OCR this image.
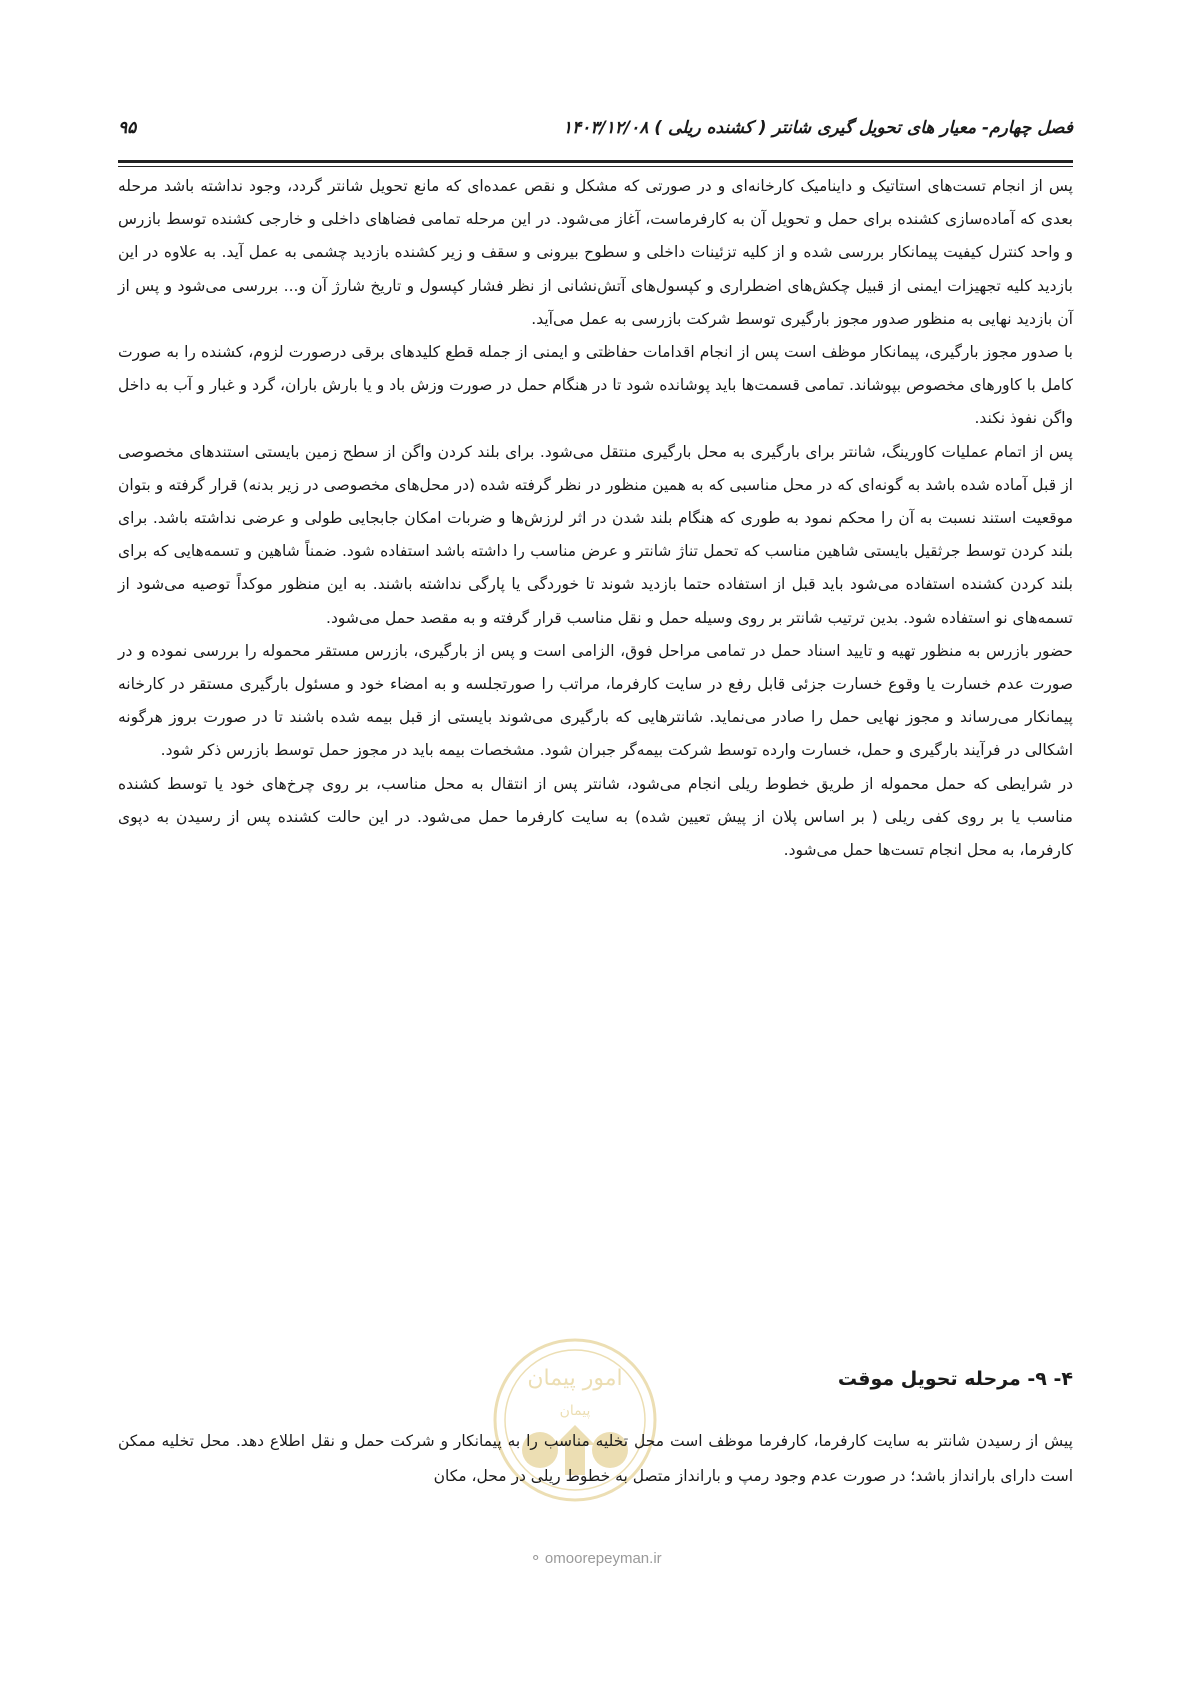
فصل چهارم- معیار های تحویل گیری شانتر ( کشنده ریلی ) ۱۴۰۳/۱۲/۰۸
۹۵

پس از انجام تست‌های استاتیک و داینامیک کارخانه‌ای و در صورتی که مشکل و نقص عمده‌ای که مانع تحویل شانتر گردد، وجود نداشته باشد مرحله بعدی که آماده‌سازی کشنده برای حمل و تحویل آن به کارفرماست، آغاز می‌شود. در این مرحله تمامی فضاهای داخلی و خارجی کشنده توسط بازرس و واحد کنترل کیفیت پیمانکار بررسی شده و از کلیه تزئینات داخلی و سطوح بیرونی و سقف و زیر کشنده بازدید چشمی به عمل آید. به علاوه در این بازدید کلیه تجهیزات ایمنی از قبیل چکش‌های اضطراری و کپسول‌های آتش‌نشانی از نظر فشار کپسول و تاریخ شارژ آن و... بررسی می‌شود و پس از آن بازدید نهایی به منظور صدور مجوز بارگیری توسط شرکت بازرسی به عمل می‌آید.

با صدور مجوز بارگیری، پیمانکار موظف است پس از انجام اقدامات حفاظتی و ایمنی از جمله قطع کلیدهای برقی درصورت لزوم، کشنده را به صورت کامل با کاورهای مخصوص بپوشاند. تمامی قسمت‌ها باید پوشانده شود تا در هنگام حمل در صورت وزش باد و یا بارش باران، گرد و غبار و آب به داخل واگن نفوذ نکند.

پس از اتمام عملیات کاورینگ، شانتر برای بارگیری به محل بارگیری منتقل می‌شود. برای بلند کردن واگن از سطح زمین بایستی استندهای مخصوصی از قبل آماده شده باشد به گونه‌ای که در محل مناسبی که به همین منظور در نظر گرفته شده (در محل‌های مخصوصی در زیر بدنه) قرار گرفته و بتوان موقعیت استند نسبت به آن را محکم نمود به طوری که هنگام بلند شدن در اثر لرزش‌ها و ضربات امکان جابجایی طولی و عرضی نداشته باشد. برای بلند کردن توسط جرثقیل بایستی شاهین مناسب که تحمل تناژ شانتر و عرض مناسب را داشته باشد استفاده شود. ضمناً شاهین و تسمه‌هایی که برای بلند کردن کشنده استفاده می‌شود باید قبل از استفاده حتما بازدید شوند تا خوردگی یا پارگی نداشته باشند. به این منظور موکداً توصیه می‌شود از تسمه‌های نو استفاده شود. بدین ترتیب شانتر بر روی وسیله حمل و نقل مناسب قرار گرفته و به مقصد حمل می‌شود.

حضور بازرس به منظور تهیه و تایید اسناد حمل در تمامی مراحل فوق، الزامی است و پس از بارگیری، بازرس مستقر محموله را بررسی نموده و در صورت عدم خسارت یا وقوع خسارت جزئی قابل رفع در سایت کارفرما، مراتب را صورتجلسه و به امضاء خود و مسئول بارگیری مستقر در کارخانه پیمانکار می‌رساند و مجوز نهایی حمل را صادر می‌نماید. شانترهایی که بارگیری می‌شوند بایستی از قبل بیمه شده باشند تا در صورت بروز هرگونه اشکالی در فرآیند بارگیری و حمل، خسارت وارده توسط شرکت بیمه‌گر جبران شود. مشخصات بیمه باید در مجوز حمل توسط بازرس ذکر شود.

در شرایطی که حمل محموله از طریق خطوط ریلی انجام می‌شود، شانتر پس از انتقال به محل مناسب، بر روی چرخ‌های خود یا توسط کشنده مناسب یا بر روی کفی ریلی ( بر اساس پلان از پیش تعیین شده) به سایت کارفرما حمل می‌شود. در این حالت کشنده پس از رسیدن به دپوی کارفرما، به محل انجام تست‌ها حمل می‌شود.

امور پیمان
پیمان
۴- ۹- مرحله تحویل موقت

پیش از رسیدن شانتر به سایت کارفرما، کارفرما موظف است محل تخلیه مناسب را به پیمانکار و شرکت حمل و نقل اطلاع دهد. محل تخلیه ممکن است دارای بارانداز باشد؛ در صورت عدم وجود رمپ و بارانداز متصل به خطوط ریلی در محل، مکان

⚬ omoorepeyman.ir
